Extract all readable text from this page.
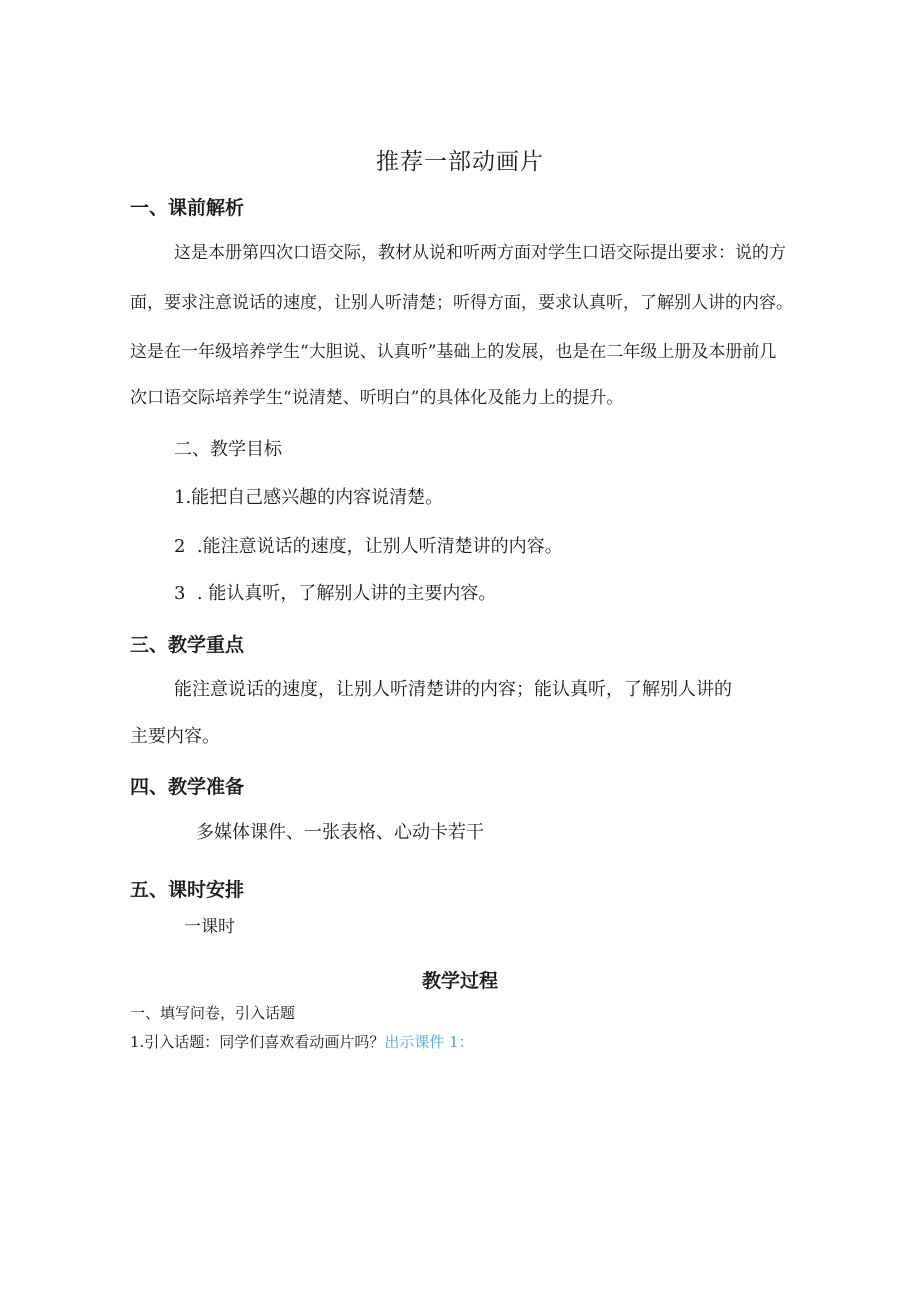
推荐一部动画片
一、课前解析
这是本册第四次口语交际，教材从说和听两方面对学生口语交际提出要求：说的方
面，要求注意说话的速度，让别人听清楚；听得方面，要求认真听，了解别人讲的内容。
这是在一年级培养学生“大胆说、认真听”基础上的发展，也是在二年级上册及本册前几
次口语交际培养学生“说清楚、听明白”的具体化及能力上的提升。
二、教学目标
1.能把自己感兴趣的内容说清楚。
2  .能注意说话的速度，让别人听清楚讲的内容。
3  . 能认真听，了解别人讲的主要内容。
三、教学重点
能注意说话的速度，让别人听清楚讲的内容；能认真听，了解别人讲的
主要内容。
四、教学准备
多媒体课件、一张表格、心动卡若干
五、课时安排
一课时
教学过程
一、填写问卷，引入话题
1.引入话题：同学们喜欢看动画片吗？出示课件 1：
